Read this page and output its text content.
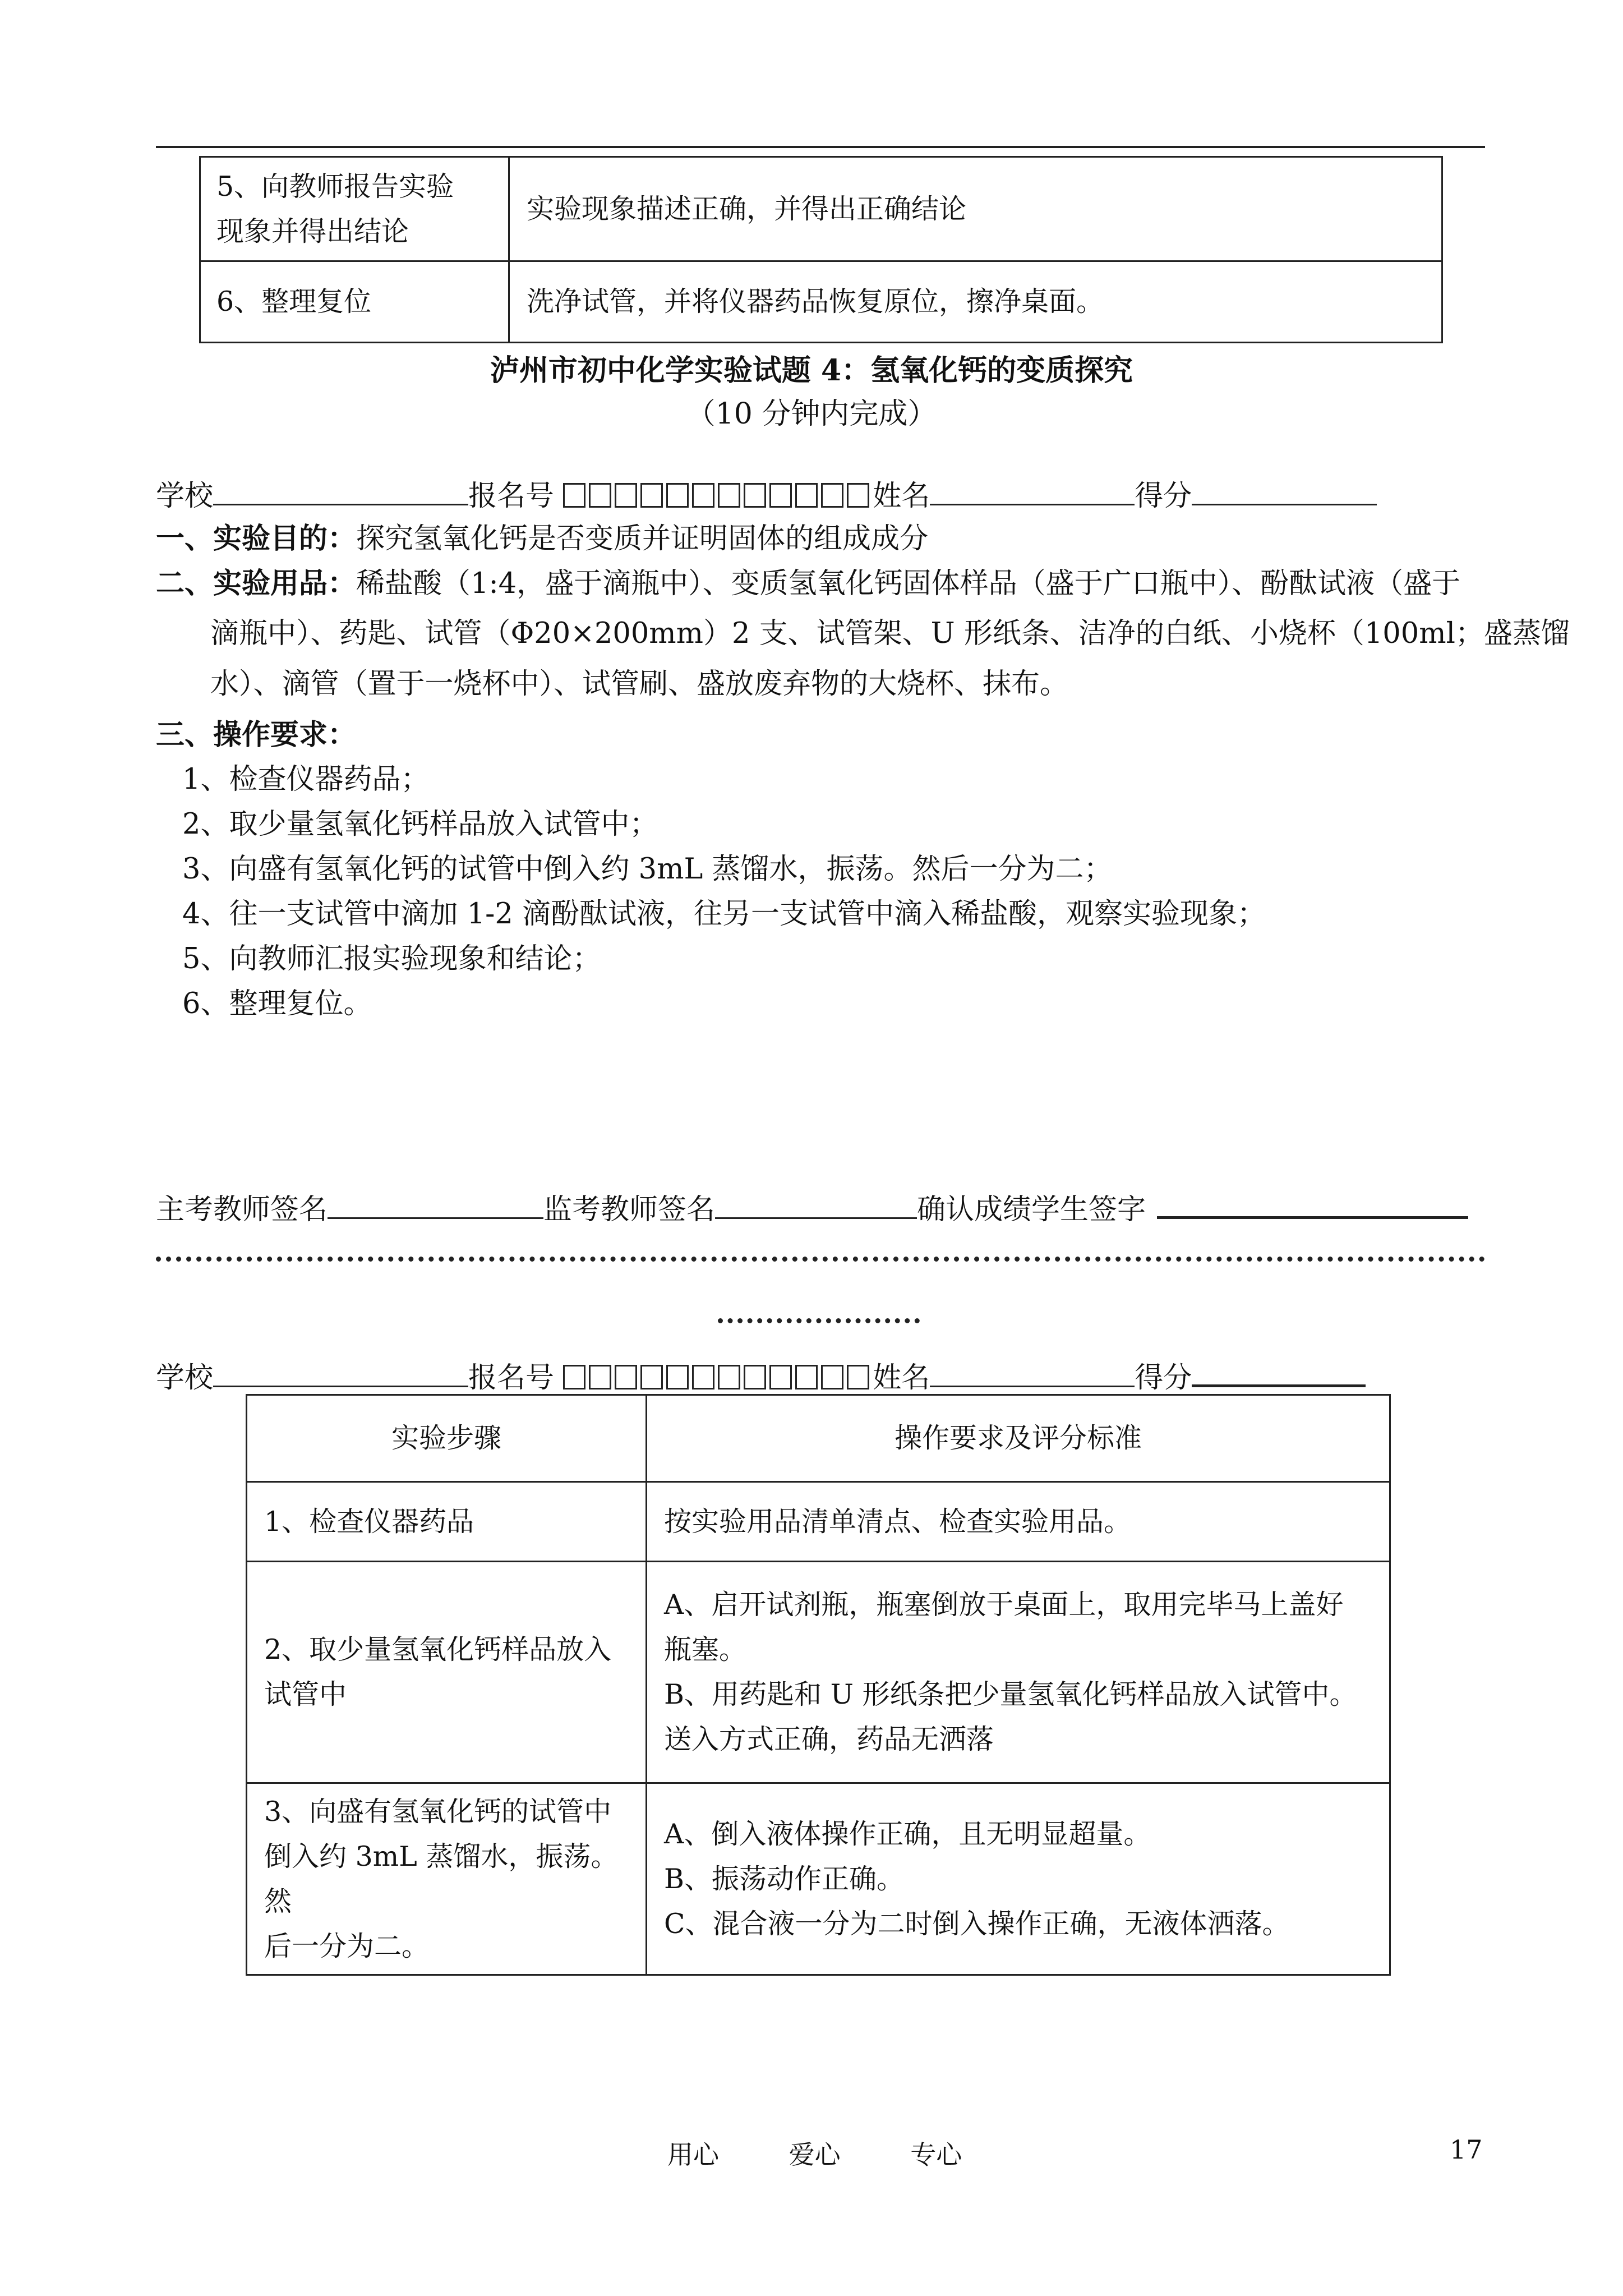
5、向教师报告实验
现象并得出结论	实验现象描述正确，并得出正确结论

6、整理复位	洗净试管，并将仪器药品恢复原位，擦净桌面。
泸州市初中化学实验试题 4：氢氧化钙的变质探究
（10 分钟内完成）
学校	报名号	姓名	得分
一、实验目的：探究氢氧化钙是否变质并证明固体的组成成分
二、实验用品：稀盐酸（1:4，盛于滴瓶中）、变质氢氧化钙固体样品（盛于广口瓶中）、酚酞试液（盛于
滴瓶中）、药匙、试管（Φ20×200mm）2 支、试管架、U 形纸条、洁净的白纸、小烧杯（100ml；盛蒸馏
水）、滴管（置于一烧杯中）、试管刷、盛放废弃物的大烧杯、抹布。
三、操作要求：
1、检查仪器药品；
2、取少量氢氧化钙样品放入试管中；
3、向盛有氢氧化钙的试管中倒入约 3mL 蒸馏水，振荡。然后一分为二；
4、往一支试管中滴加 1-2 滴酚酞试液，往另一支试管中滴入稀盐酸，观察实验现象；
5、向教师汇报实验现象和结论；
6、整理复位。
主考教师签名	监考教师签名	确认成绩学生签字
学校	报名号	姓名	得分
实验步骤	操作要求及评分标准

1、检查仪器药品	按实验用品清单清点、检查实验用品。

2、取少量氢氧化钙样品放入
试管中	A、启开试剂瓶，瓶塞倒放于桌面上，取用完毕马上盖好
瓶塞。
B、用药匙和 U 形纸条把少量氢氧化钙样品放入试管中。
送入方式正确，药品无洒落

3、向盛有氢氧化钙的试管中
倒入约 3mL 蒸馏水，振荡。然
后一分为二。	A、倒入液体操作正确，且无明显超量。
B、振荡动作正确。
C、混合液一分为二时倒入操作正确，无液体洒落。
用心	爱心	专心	17
